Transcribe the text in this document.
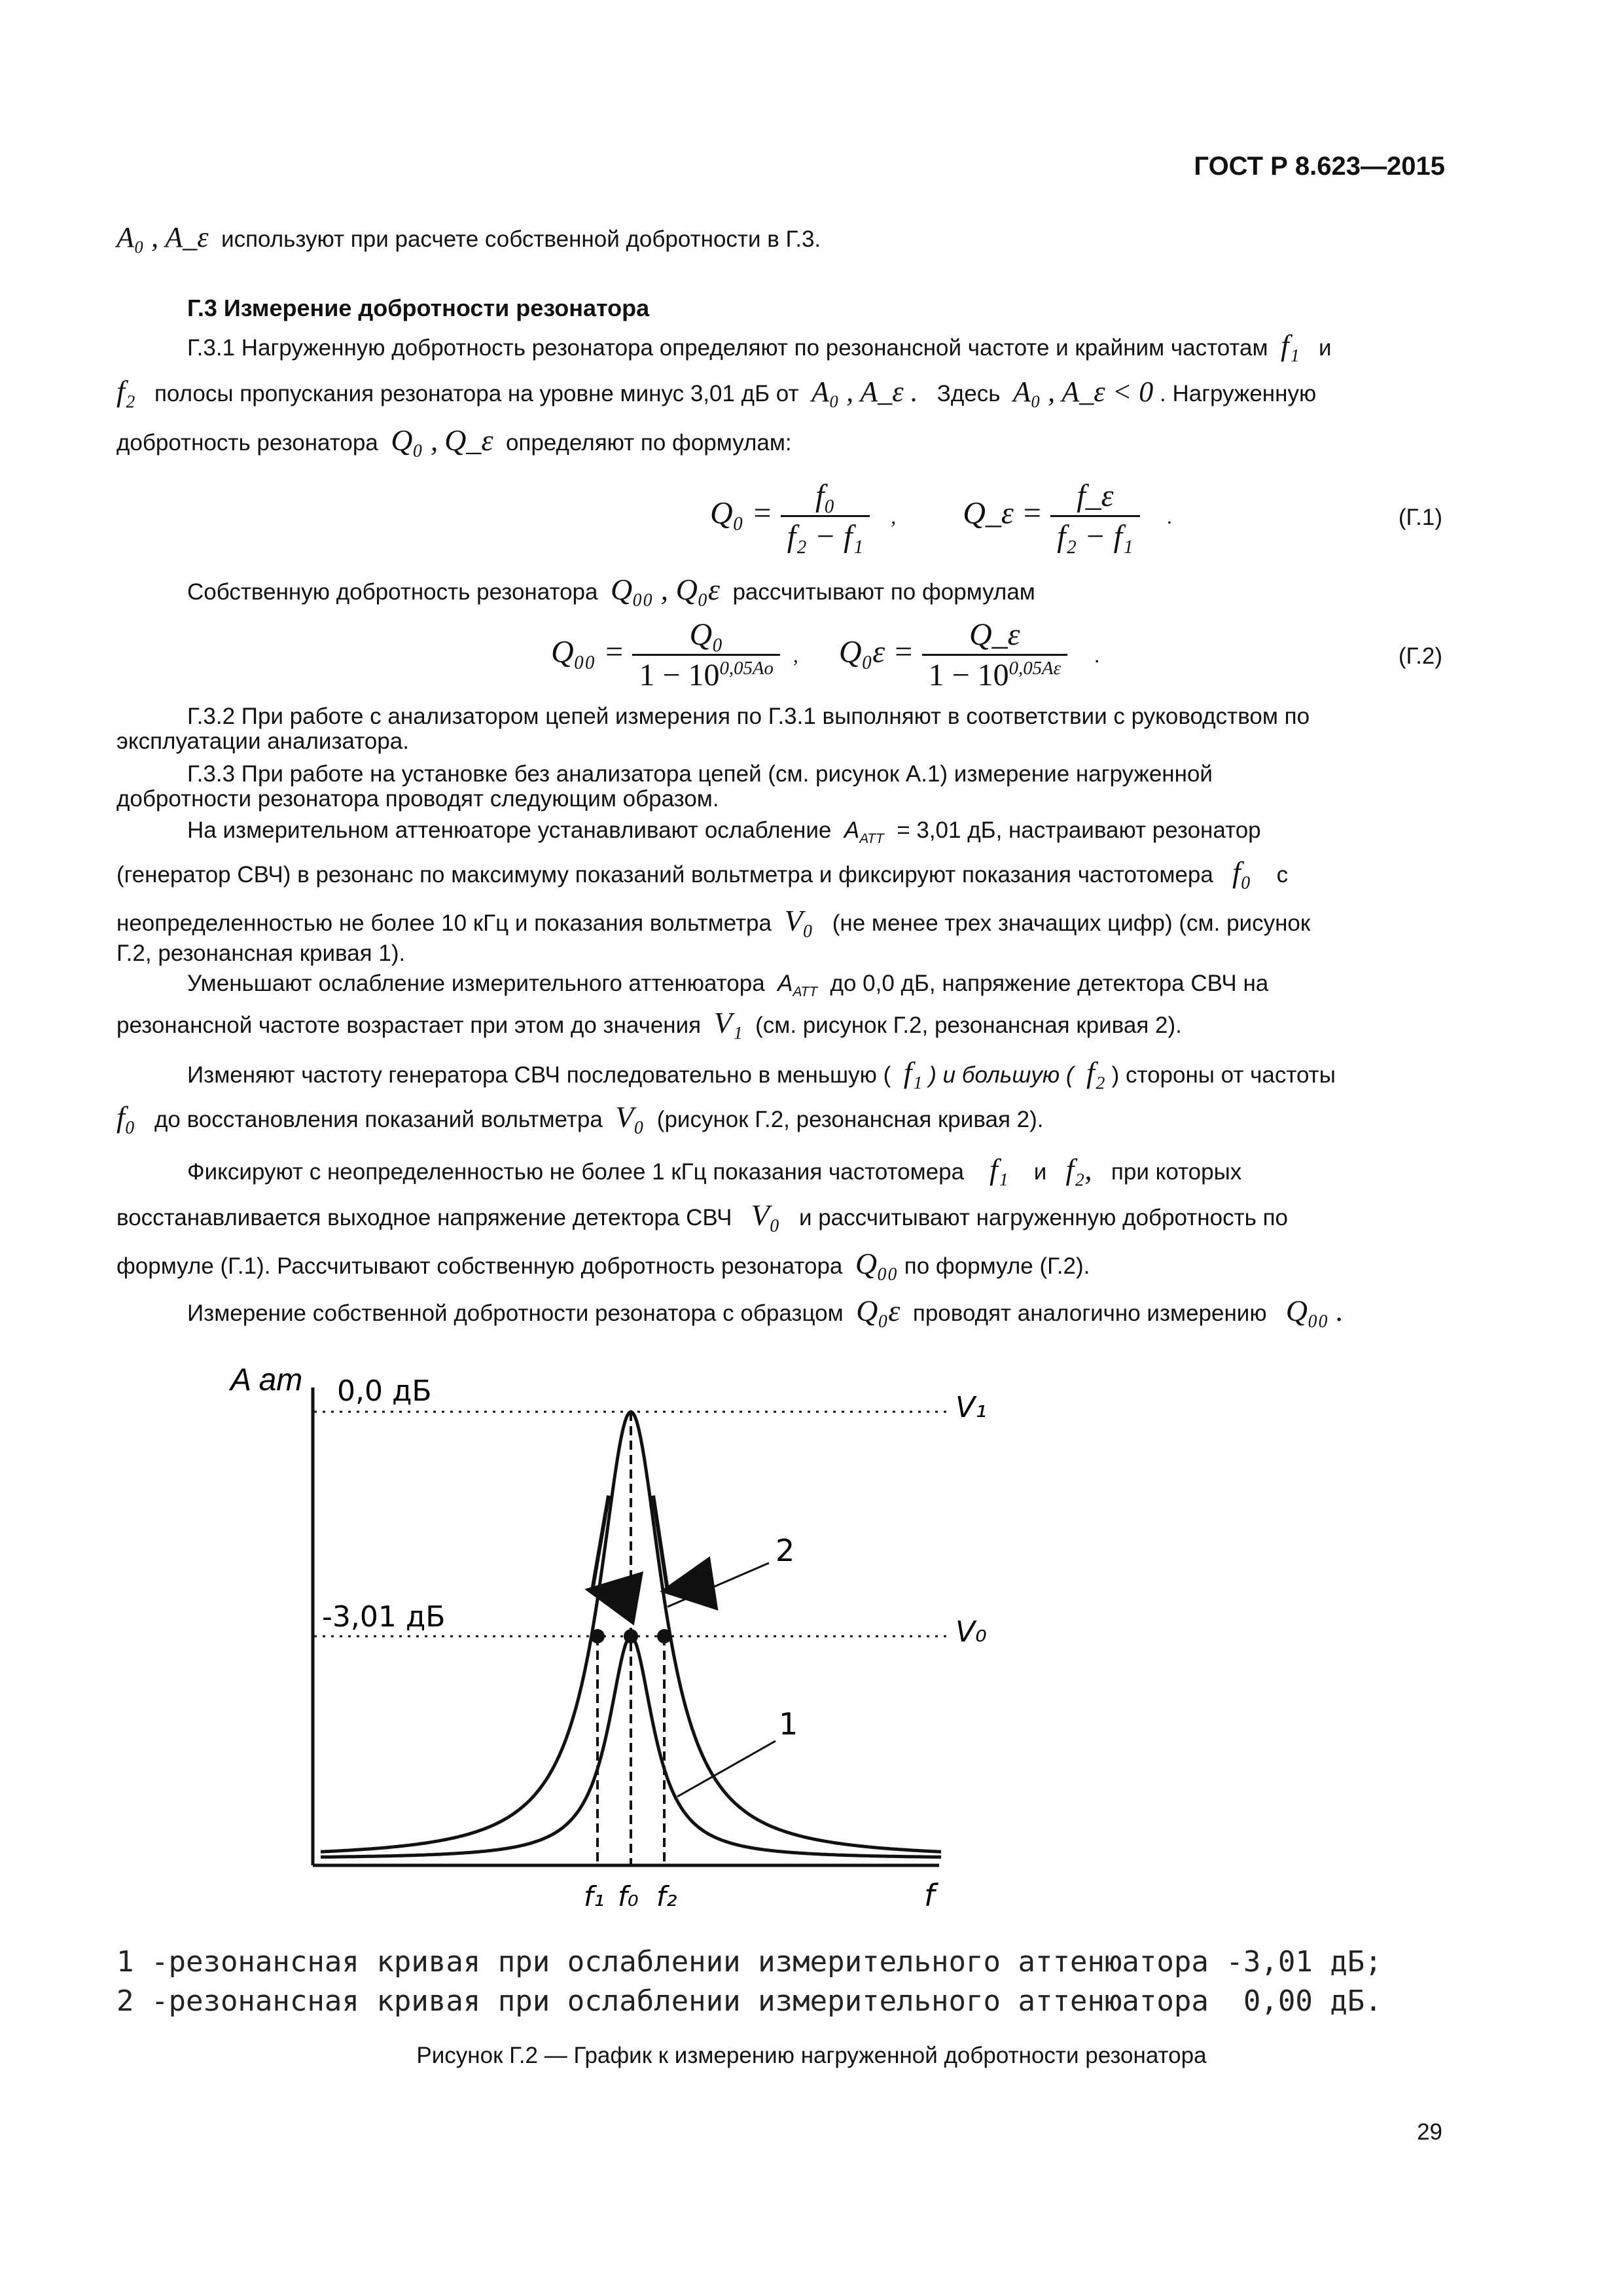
ГОСТ Р 8.623—2015
A₀ , A_ε используют при расчете собственной добротности в Г.3.
Г.3 Измерение добротности резонатора
Г.3.1 Нагруженную добротность резонатора определяют по резонансной частоте и крайним частотам f₁ и
f₂ полосы пропускания резонатора на уровне минус 3,01 дБ от A₀ , A_ε . Здесь A₀ , A_ε < 0 . Нагруженную
добротность резонатора Q₀ , Q_ε определяют по формулам:
$Q_0 = \frac{\text{f₀}}{\text{f₂ − f₁}}$ , Q_ε = $\frac{f\_\varepsilon}{\text{f₂ − f₁}}$ .	(Г.1)
Собственную добротность резонатора Q₀₀ , Q₀ε рассчитывают по формулам
$Q_{00} = \frac{\text{Q₀}}{1 - 10^{0,05Aо}}$ , $Q_0\varepsilon = \frac{Q\_\varepsilon}{1 - 10^{0,05A\varepsilon}}$ .	(Г.2)
Г.3.2 При работе с анализатором цепей измерения по Г.3.1 выполняют в соответствии с руководством по
эксплуатации анализатора.
Г.3.3 При работе на установке без анализатора цепей (см. рисунок А.1) измерение нагруженной
добротности резонатора проводят следующим образом.
На измерительном аттенюаторе устанавливают ослабление $A_{АТТ} = 3,01$ дБ, настраивают резонатор
(генератор СВЧ) в резонанс по максимуму показаний вольтметра и фиксируют показания частотомера f₀ с
неопределенностью не более 10 кГц и показания вольтметра V₀ (не менее трех значащих цифр) (см. рисунок
Г.2, резонансная кривая 1).
Уменьшают ослабление измерительного аттенюатора $A_{АТТ}$ до 0,0 дБ, напряжение детектора СВЧ на
резонансной частоте возрастает при этом до значения V₁ (см. рисунок Г.2, резонансная кривая 2).
Изменяют частоту генератора СВЧ последовательно в меньшую ( f₁ ) и большую ( f₂ ) стороны от частоты
f₀ до восстановления показаний вольтметра V₀ (рисунок Г.2, резонансная кривая 2).
Фиксируют с неопределенностью не более 1 кГц показания частотомера f₁ и f₂, при которых
восстанавливается выходное напряжение детектора СВЧ V₀ и рассчитывают нагруженную добротность по
формуле (Г.1). Рассчитывают собственную добротность резонатора Q₀₀ по формуле (Г.2).
Измерение собственной добротности резонатора с образцом Q₀ε проводят аналогично измерению Q₀₀ .
A ат 0,0 дБ
-3,01 дБ
V₁
V₀
2
1
f
f₁ f₀ f₂
1 -резонансная кривая при ослаблении измерительного аттенюатора -3,01 дБ;
2 -резонансная кривая при ослаблении измерительного аттенюатора  0,00 дБ.
Рисунок Г.2 — График к измерению нагруженной добротности резонатора
29
